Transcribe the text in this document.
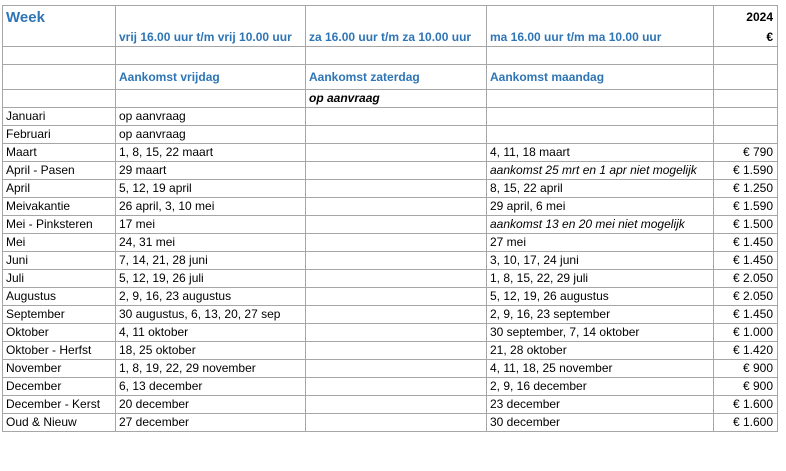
Week				2024
	vrij 16.00 uur t/m vrij 10.00 uur	za 16.00 uur t/m za 10.00 uur	ma 16.00 uur t/m ma 10.00 uur	€

	Aankomst vrijdag	Aankomst zaterdag	Aankomst maandag	
		op aanvraag		
Januari	op aanvraag			
Februari	op aanvraag			
Maart	1, 8, 15, 22 maart		4, 11, 18 maart	€ 790
April - Pasen	29 maart		aankomst 25 mrt en 1 apr niet mogelijk	€ 1.590
April	5, 12, 19 april		8, 15, 22 april	€ 1.250
Meivakantie	26 april, 3, 10 mei		29 april, 6 mei	€ 1.590
Mei - Pinksteren	17 mei		aankomst 13 en 20 mei niet mogelijk	€ 1.500
Mei	24, 31 mei		27 mei	€ 1.450
Juni	7, 14, 21, 28 juni		3, 10, 17, 24 juni	€ 1.450
Juli	5, 12, 19, 26 juli		1, 8, 15, 22, 29 juli	€ 2.050
Augustus	2, 9, 16, 23 augustus		5, 12, 19, 26 augustus	€ 2.050
September	30 augustus, 6, 13, 20, 27 sep		2, 9, 16, 23 september	€ 1.450
Oktober	4, 11 oktober		30 september, 7, 14 oktober	€ 1.000
Oktober - Herfst	18, 25 oktober		21, 28 oktober	€ 1.420
November	1, 8, 19, 22, 29 november		4, 11, 18, 25 november	€ 900
December	6, 13 december		2, 9, 16 december	€ 900
December - Kerst	20 december		23 december	€ 1.600
Oud & Nieuw	27 december		30 december	€ 1.600
